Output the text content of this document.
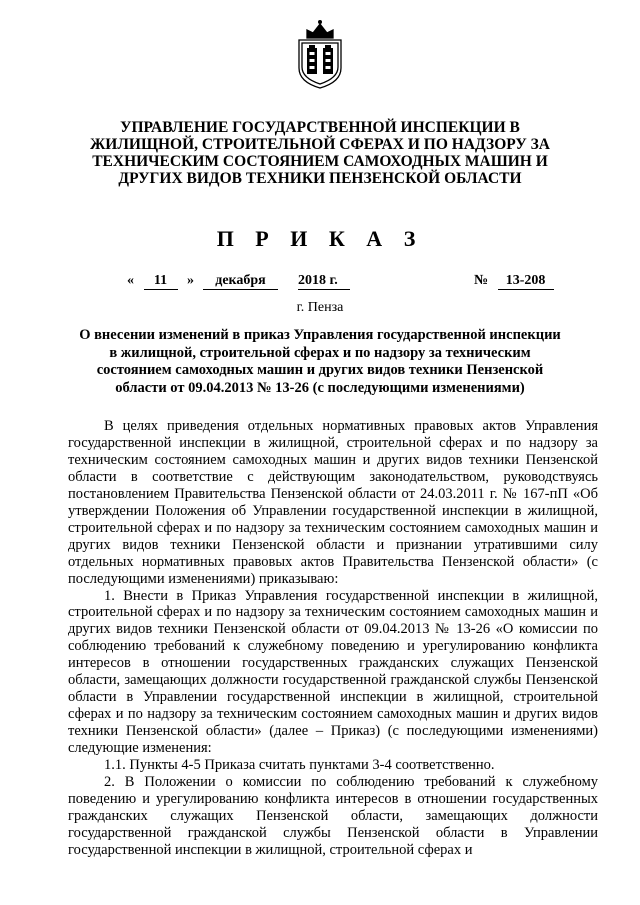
УПРАВЛЕНИЕ ГОСУДАРСТВЕННОЙ ИНСПЕКЦИИ В ЖИЛИЩНОЙ, СТРОИТЕЛЬНОЙ СФЕРАХ И ПО НАДЗОРУ ЗА ТЕХНИЧЕСКИМ СОСТОЯНИЕМ САМОХОДНЫХ МАШИН И ДРУГИХ ВИДОВ ТЕХНИКИ ПЕНЗЕНСКОЙ ОБЛАСТИ
П Р И К А З
« 11 »	декабря	2018 г.	№ 13-208
г. Пенза
О внесении изменений в приказ Управления государственной инспекции в жилищной, строительной сферах и по надзору за техническим состоянием самоходных машин и других видов техники Пензенской области от 09.04.2013 № 13-26 (с последующими изменениями)

В целях приведения отдельных нормативных правовых актов Управления государственной инспекции в жилищной, строительной сферах и по надзору за техническим состоянием самоходных машин и других видов техники Пензенской области в соответствие с действующим законодательством, руководствуясь постановлением Правительства Пензенской области от 24.03.2011 г. № 167-пП «Об утверждении Положения об Управлении государственной инспекции в жилищной, строительной сферах и по надзору за техническим состоянием самоходных машин и других видов техники Пензенской области и признании утратившими силу отдельных нормативных правовых актов Правительства Пензенской области» (с последующими изменениями) приказываю:

1. Внести в Приказ Управления государственной инспекции в жилищной, строительной сферах и по надзору за техническим состоянием самоходных машин и других видов техники Пензенской области от 09.04.2013 № 13-26 «О комиссии по соблюдению требований к служебному поведению и урегулированию конфликта интересов в отношении государственных гражданских служащих Пензенской области, замещающих должности государственной гражданской службы Пензенской области в Управлении государственной инспекции в жилищной, строительной сферах и по надзору за техническим состоянием самоходных машин и других видов техники Пензенской области» (далее – Приказ) (с последующими изменениями) следующие изменения:

1.1. Пункты 4-5 Приказа считать пунктами 3-4 соответственно.

2. В Положении о комиссии по соблюдению требований к служебному поведению и урегулированию конфликта интересов в отношении государственных гражданских служащих Пензенской области, замещающих должности государственной гражданской службы Пензенской области в Управлении государственной инспекции в жилищной, строительной сферах и
